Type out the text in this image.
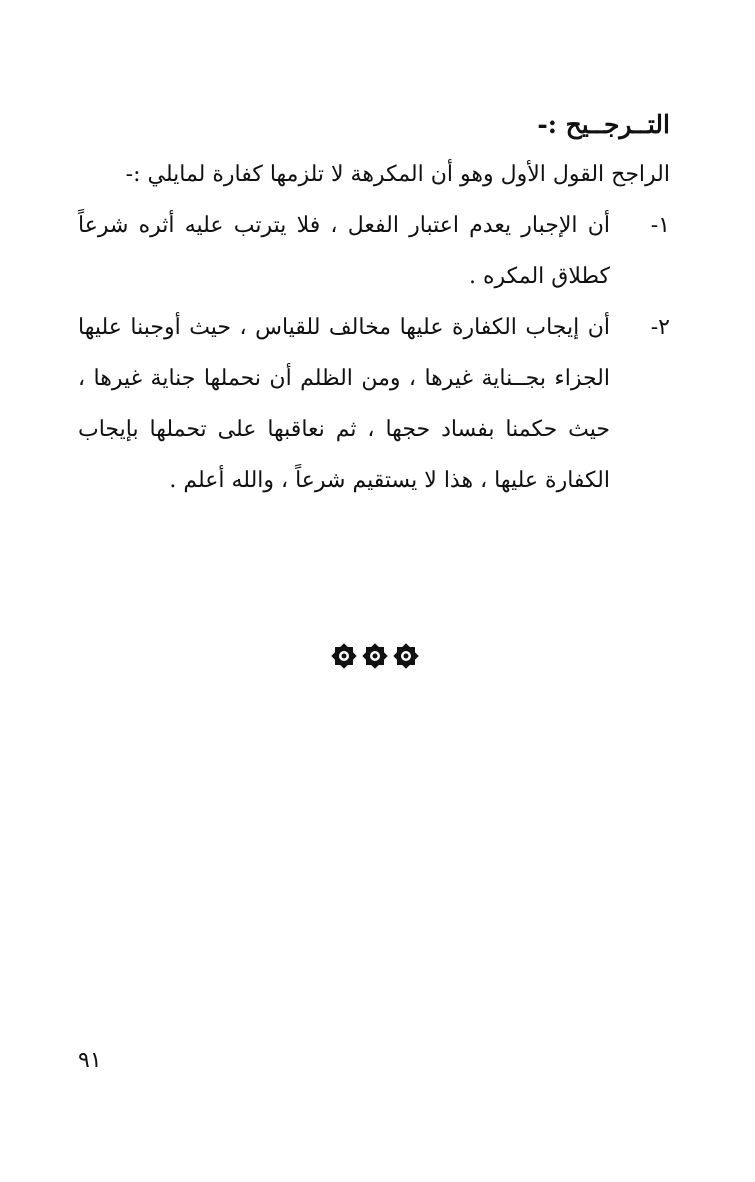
التــرجــيح :-

الراجح القول الأول وهو أن المكرهة لا تلزمها كفارة لمايلي :-

١-
أن الإجبار يعدم اعتبار الفعل ، فلا يترتب عليه أثره شرعاً كطلاق المكره .
٢-
أن إيجاب الكفارة عليها مخالف للقياس ، حيث أوجبنا عليها الجزاء بجــناية غيرها ، ومن الظلم أن نحملها جناية غيرها ، حيث حكمنا بفساد حجها ، ثم نعاقبها على تحملها بإيجاب الكفارة عليها ، هذا لا يستقيم شرعاً ، والله أعلم .
٩١
